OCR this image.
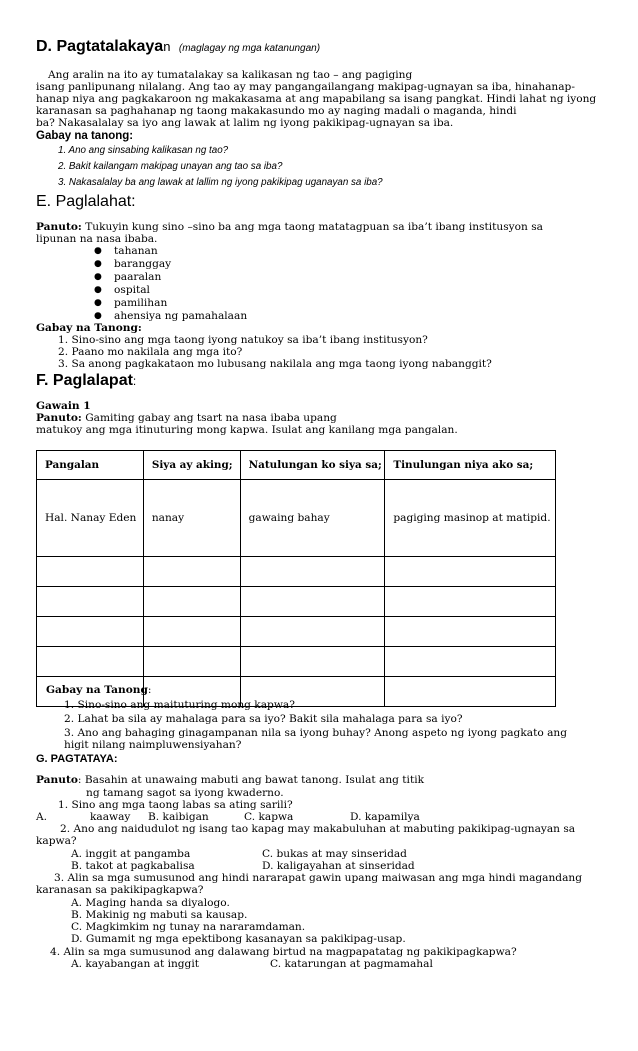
D. Pagtatalakayan (maglagay ng mga katanungan)
Ang aralin na ito ay tumatalakay sa kalikasan ng tao – ang pagiging
isang panlipunang nilalang. Ang tao ay may pangangailangang makipag-ugnayan sa iba, hinahanap-
hanap niya ang pagkakaroon ng makakasama at ang mapabilang sa isang pangkat. Hindi lahat ng iyong
karanasan sa paghahanap ng taong makakasundo mo ay naging madali o maganda, hindi
ba? Nakasalalay sa iyo ang lawak at lalim ng iyong pakikipag-ugnayan sa iba.
Gabay na tanong:
1. Ano ang sinsabing kalikasan ng tao?
2. Bakit kailangam makipag unayan ang tao sa iba?
3. Nakasalalay ba ang lawak at lallim ng iyong pakikipag uganayan sa iba?
E. Paglalahat:
Panuto: Tukuyin kung sino –sino ba ang mga taong matatagpuan sa iba’t ibang institusyon sa
lipunan na nasa ibaba.
● tahanan
● baranggay
● paaralan
● ospital
● pamilihan
● ahensiya ng pamahalaan
Gabay na Tanong:
1. Sino-sino ang mga taong iyong natukoy sa iba’t ibang institusyon?
2. Paano mo nakilala ang mga ito?
3. Sa anong pagkakataon mo lubusang nakilala ang mga taong iyong nabanggit?
F. Paglalapat:
Gawain 1
Panuto: Gamiting gabay ang tsart na nasa ibaba upang
matukoy ang mga itinuturing mong kapwa. Isulat ang kanilang mga pangalan.
Pangalan	Siya ay aking;	Natulungan ko siya sa;	Tinulungan niya ako sa;
Hal. Nanay Eden	nanay	gawaing bahay	pagiging masinop at matipid.

Gabay na Tanong:
1. Sino-sino ang maituturing mong kapwa?
2. Lahat ba sila ay mahalaga para sa iyo? Bakit sila mahalaga para sa iyo?
3. Ano ang bahaging ginagampanan nila sa iyong buhay? Anong aspeto ng iyong pagkato ang
higit nilang naimpluwensiyahan?
G. PAGTATAYA:
Panuto: Basahin at unawaing mabuti ang bawat tanong. Isulat ang titik
ng tamang sagot sa iyong kwaderno.
1. Sino ang mga taong labas sa ating sarili?
A.	kaaway B. kaibigan	C. kapwa	D. kapamilya
2. Ano ang naidudulot ng isang tao kapag may makabuluhan at mabuting pakikipag-ugnayan sa
kapwa?
A. inggit at pangamba	C. bukas at may sinseridad
B. takot at pagkabalisa	D. kaligayahan at sinseridad
3. Alin sa mga sumusunod ang hindi nararapat gawin upang maiwasan ang mga hindi magandang
karanasan sa pakikipagkapwa?
A. Maging handa sa diyalogo.
B. Makinig ng mabuti sa kausap.
C. Magkimkim ng tunay na nararamdaman.
D. Gumamit ng mga epektibong kasanayan sa pakikipag-usap.
4. Alin sa mga sumusunod ang dalawang birtud na magpapatatag ng pakikipagkapwa?
A. kayabangan at inggit	C. katarungan at pagmamahal
